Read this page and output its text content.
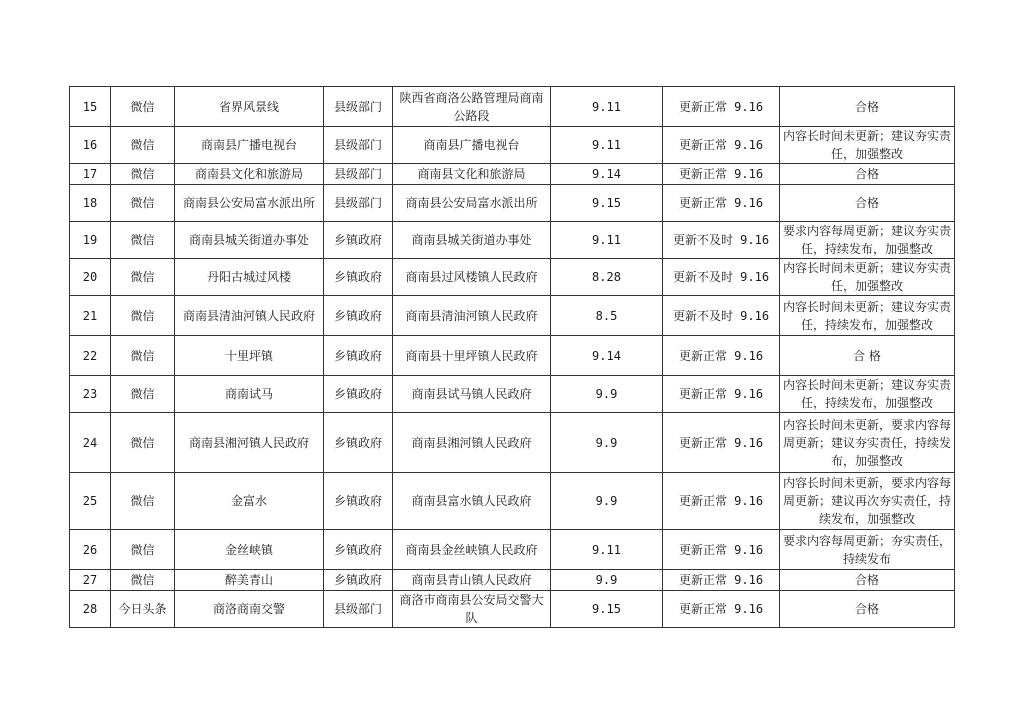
15	微信	省界风景线	县级部门	陕西省商洛公路管理局商南公路段	9.11	更新正常 9.16	合格
16	微信	商南县广播电视台	县级部门	商南县广播电视台	9.11	更新正常 9.16	内容长时间未更新；建议夯实责任，加强整改
17	微信	商南县文化和旅游局	县级部门	商南县文化和旅游局	9.14	更新正常 9.16	合格
18	微信	商南县公安局富水派出所	县级部门	商南县公安局富水派出所	9.15	更新正常 9.16	合格
19	微信	商南县城关街道办事处	乡镇政府	商南县城关街道办事处	9.11	更新不及时 9.16	要求内容每周更新；建议夯实责任，持续发布，加强整改
20	微信	丹阳古城过风楼	乡镇政府	商南县过风楼镇人民政府	8.28	更新不及时 9.16	内容长时间未更新；建议夯实责任，加强整改
21	微信	商南县清油河镇人民政府	乡镇政府	商南县清油河镇人民政府	8.5	更新不及时 9.16	内容长时间未更新；建议夯实责任，持续发布，加强整改
22	微信	十里坪镇	乡镇政府	商南县十里坪镇人民政府	9.14	更新正常 9.16	合 格
23	微信	商南试马	乡镇政府	商南县试马镇人民政府	9.9	更新正常 9.16	内容长时间未更新；建议夯实责任，持续发布，加强整改
24	微信	商南县湘河镇人民政府	乡镇政府	商南县湘河镇人民政府	9.9	更新正常 9.16	内容长时间未更新，要求内容每周更新；建议夯实责任，持续发布，加强整改
25	微信	金富水	乡镇政府	商南县富水镇人民政府	9.9	更新正常 9.16	内容长时间未更新，要求内容每周更新；建议再次夯实责任，持续发布，加强整改
26	微信	金丝峡镇	乡镇政府	商南县金丝峡镇人民政府	9.11	更新正常 9.16	要求内容每周更新；夯实责任，持续发布
27	微信	醉美青山	乡镇政府	商南县青山镇人民政府	9.9	更新正常 9.16	合格
28	今日头条	商洛商南交警	县级部门	商洛市商南县公安局交警大队	9.15	更新正常 9.16	合格
